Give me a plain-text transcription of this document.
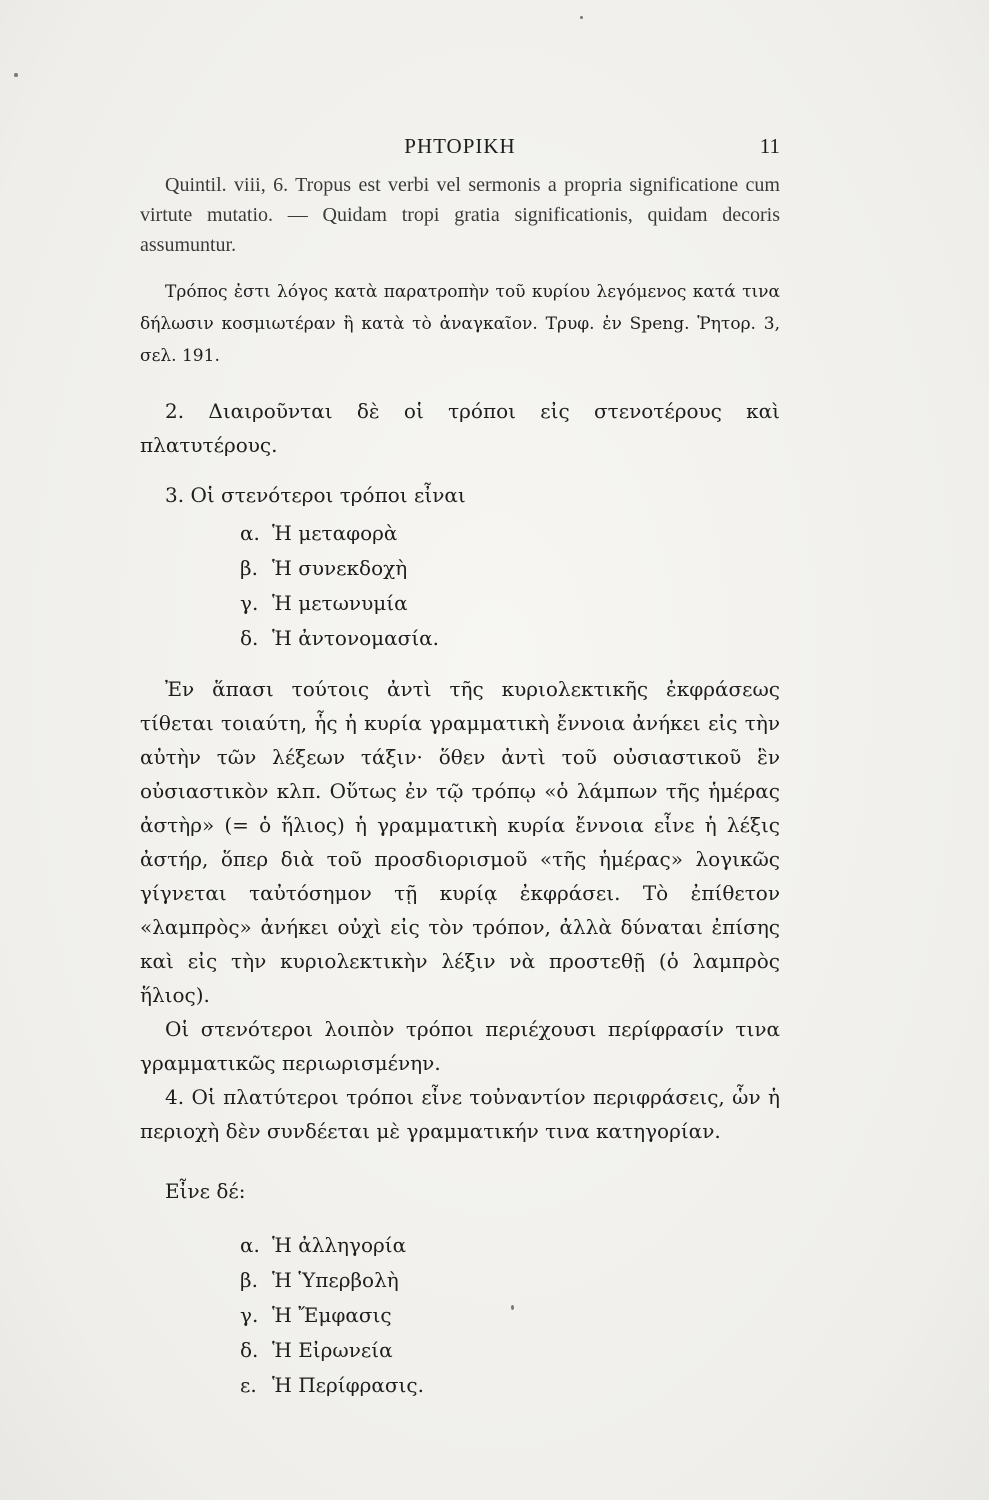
ΡΗΤΟΡΙΚΗ	11

Quintil. viii, 6. Tropus est verbi vel sermonis a propria significatione cum virtute mutatio. — Quidam tropi gratia significationis, quidam decoris assumuntur.

Τρόπος ἐστι λόγος κατὰ παρατροπὴν τοῦ κυρίου λεγόμενος κατά τινα δήλωσιν κοσμιωτέραν ἢ κατὰ τὸ ἀναγκαῖον. Τρυφ. ἐν Speng. Ῥητορ. 3, σελ. 191.

2. Διαιροῦνται δὲ οἱ τρόποι εἰς στενοτέρους καὶ πλατυτέρους.

3. Οἱ στενότεροι τρόποι εἶναι

α. Ἡ μεταφορὰ
β. Ἡ συνεκδοχὴ
γ. Ἡ μετωνυμία
δ. Ἡ ἀντονομασία.

Ἐν ἅπασι τούτοις ἀντὶ τῆς κυριολεκτικῆς ἐκφράσεως τίθεται τοιαύτη, ἧς ἡ κυρία γραμματικὴ ἔννοια ἀνήκει εἰς τὴν αὐτὴν τῶν λέξεων τάξιν· ὅθεν ἀντὶ τοῦ οὐσιαστικοῦ ἓν οὐσιαστικὸν κλπ. Οὕτως ἐν τῷ τρόπῳ «ὁ λάμπων τῆς ἡμέρας ἀστὴρ» (= ὁ ἥλιος) ἡ γραμματικὴ κυρία ἔννοια εἶνε ἡ λέξις ἀστήρ, ὅπερ διὰ τοῦ προσδιορισμοῦ «τῆς ἡμέρας» λογικῶς γίγνεται ταὐτόσημον τῇ κυρίᾳ ἐκφράσει. Τὸ ἐπίθετον «λαμπρὸς» ἀνήκει οὐχὶ εἰς τὸν τρόπον, ἀλλὰ δύναται ἐπίσης καὶ εἰς τὴν κυριολεκτικὴν λέξιν νὰ προστεθῇ (ὁ λαμπρὸς ἥλιος).

Οἱ στενότεροι λοιπὸν τρόποι περιέχουσι περίφρασίν τινα γραμματικῶς περιωρισμένην.

4. Οἱ πλατύτεροι τρόποι εἶνε τοὐναντίον περιφράσεις, ὧν ἡ περιοχὴ δὲν συνδέεται μὲ γραμματικήν τινα κατηγορίαν.

Εἶνε δέ:

α. Ἡ ἀλληγορία
β. Ἡ Ὑπερβολὴ
γ. Ἡ Ἔμφασις
δ. Ἡ Εἰρωνεία
ε. Ἡ Περίφρασις.
